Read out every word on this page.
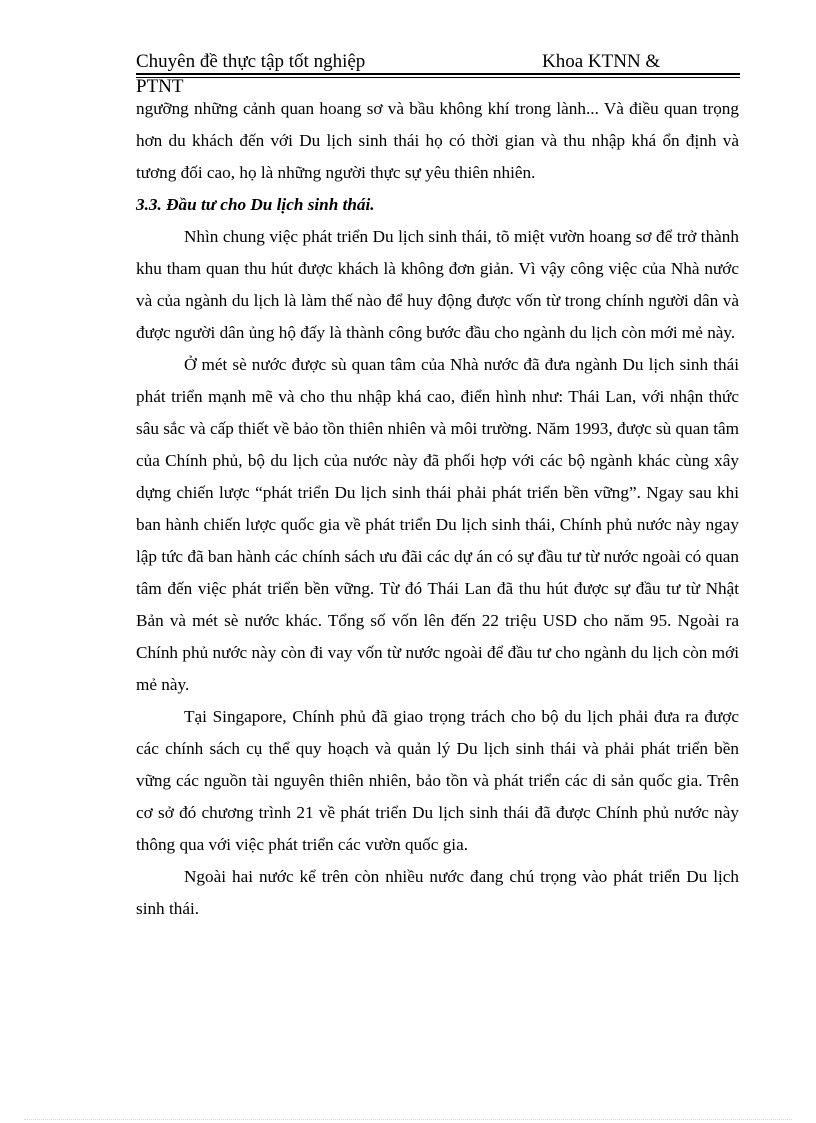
Chuyên đề thực tập tốt nghiệp	Khoa KTNN &
PTNT

ngưỡng những cảnh quan hoang sơ và bầu không khí trong lành... Và điều quan trọng hơn du khách đến với Du lịch sinh thái họ có thời gian và thu nhập khá ổn định và tương đối cao, họ là những người thực sự yêu thiên nhiên.

3.3. Đầu tư cho Du lịch sinh thái.

Nhìn chung việc phát triển Du lịch sinh thái, tõ miệt vườn hoang sơ để trở thành khu tham quan thu hút được khách là không đơn giản. Vì vậy công việc của Nhà nước và của ngành du lịch là làm thế nào để huy động được vốn từ trong chính người dân và được người dân ủng hộ đấy là thành công bước đầu cho ngành du lịch còn mới mẻ này.

Ở mét sè nước được sù quan tâm của Nhà nước đã đưa ngành Du lịch sinh thái phát triển mạnh mẽ và cho thu nhập khá cao, điển hình như: Thái Lan, với nhận thức sâu sắc và cấp thiết về bảo tồn thiên nhiên và môi trường. Năm 1993, được sù quan tâm của Chính phủ, bộ du lịch của nước này đã phối hợp với các bộ ngành khác cùng xây dựng chiến lược “phát triển Du lịch sinh thái phải phát triển bền vững”. Ngay sau khi ban hành chiến lược quốc gia về phát triển Du lịch sinh thái, Chính phủ nước này ngay lập tức đã ban hành các chính sách ưu đãi các dự án có sự đầu tư từ nước ngoài có quan tâm đến việc phát triển bền vững. Từ đó Thái Lan đã thu hút được sự đầu tư từ Nhật Bản và mét sè nước khác. Tổng số vốn lên đến 22 triệu USD cho năm 95. Ngoài ra Chính phủ nước này còn đi vay vốn từ nước ngoài để đầu tư cho ngành du lịch còn mới mẻ này.

Tại Singapore, Chính phủ đã giao trọng trách cho bộ du lịch phải đưa ra được các chính sách cụ thể quy hoạch và quản lý Du lịch sinh thái và phải phát triển bền vững các nguồn tài nguyên thiên nhiên, bảo tồn và phát triển các di sản quốc gia. Trên cơ sở đó chương trình 21 về phát triển Du lịch sinh thái đã được Chính phủ nước này thông qua với việc phát triển các vườn quốc gia.

Ngoài hai nước kể trên còn nhiều nước đang chú trọng vào phát triển Du lịch sinh thái.
